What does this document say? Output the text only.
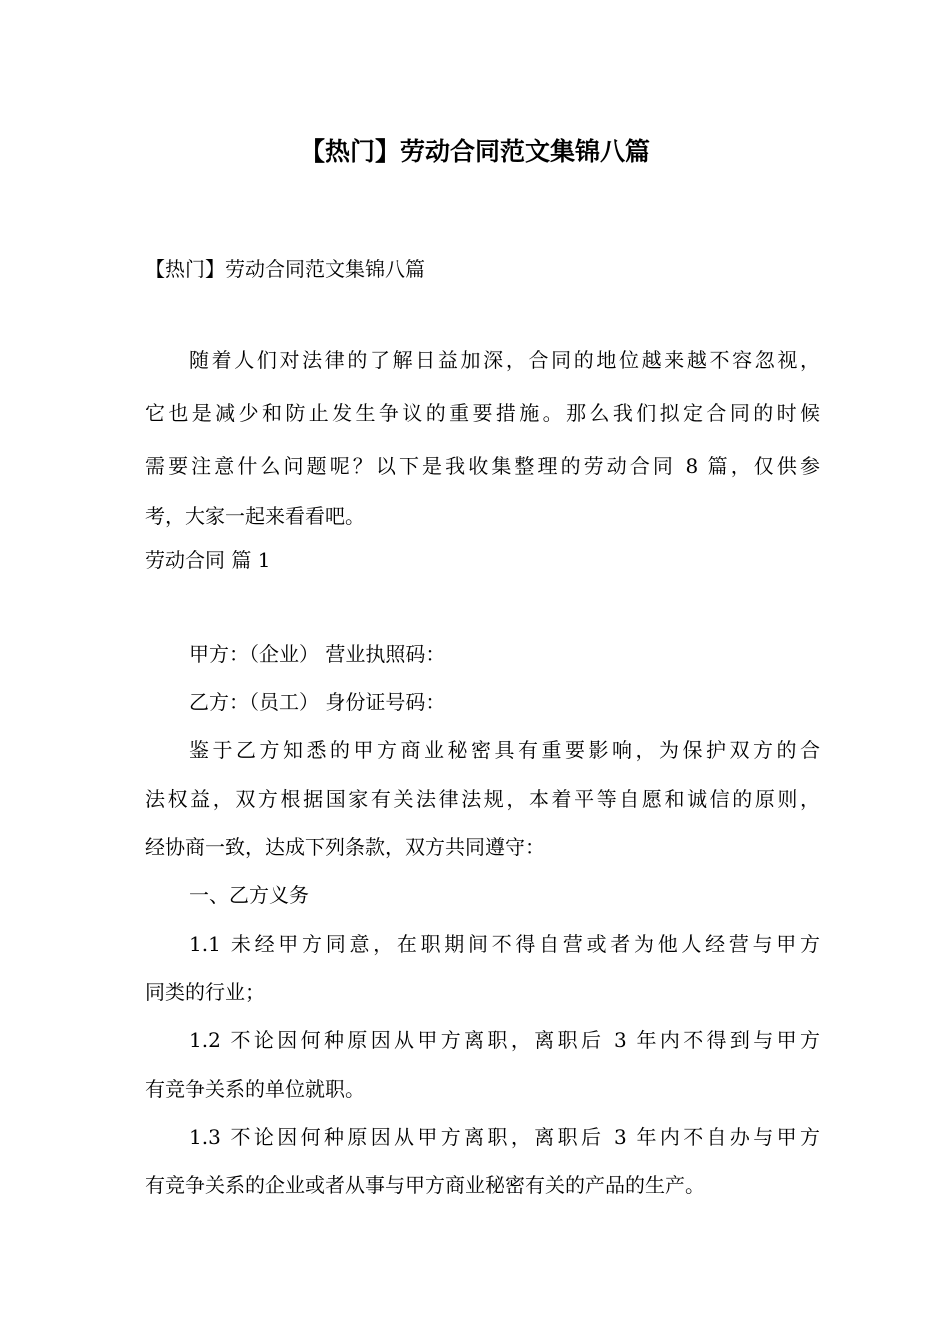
【热门】劳动合同范文集锦八篇

【热门】劳动合同范文集锦八篇

随着人们对法律的了解日益加深，合同的地位越来越不容忽视，

它也是减少和防止发生争议的重要措施。那么我们拟定合同的时候

需要注意什么问题呢？以下是我收集整理的劳动合同 8 篇，仅供参

考，大家一起来看看吧。

劳动合同 篇 1

甲方：（企业） 营业执照码：

乙方：（员工） 身份证号码：

鉴于乙方知悉的甲方商业秘密具有重要影响，为保护双方的合

法权益，双方根据国家有关法律法规，本着平等自愿和诚信的原则，

经协商一致，达成下列条款，双方共同遵守：

一、乙方义务

1.1 未经甲方同意，在职期间不得自营或者为他人经营与甲方

同类的行业；

1.2 不论因何种原因从甲方离职，离职后 3 年内不得到与甲方

有竞争关系的单位就职。

1.3 不论因何种原因从甲方离职，离职后 3 年内不自办与甲方

有竞争关系的企业或者从事与甲方商业秘密有关的产品的生产。
